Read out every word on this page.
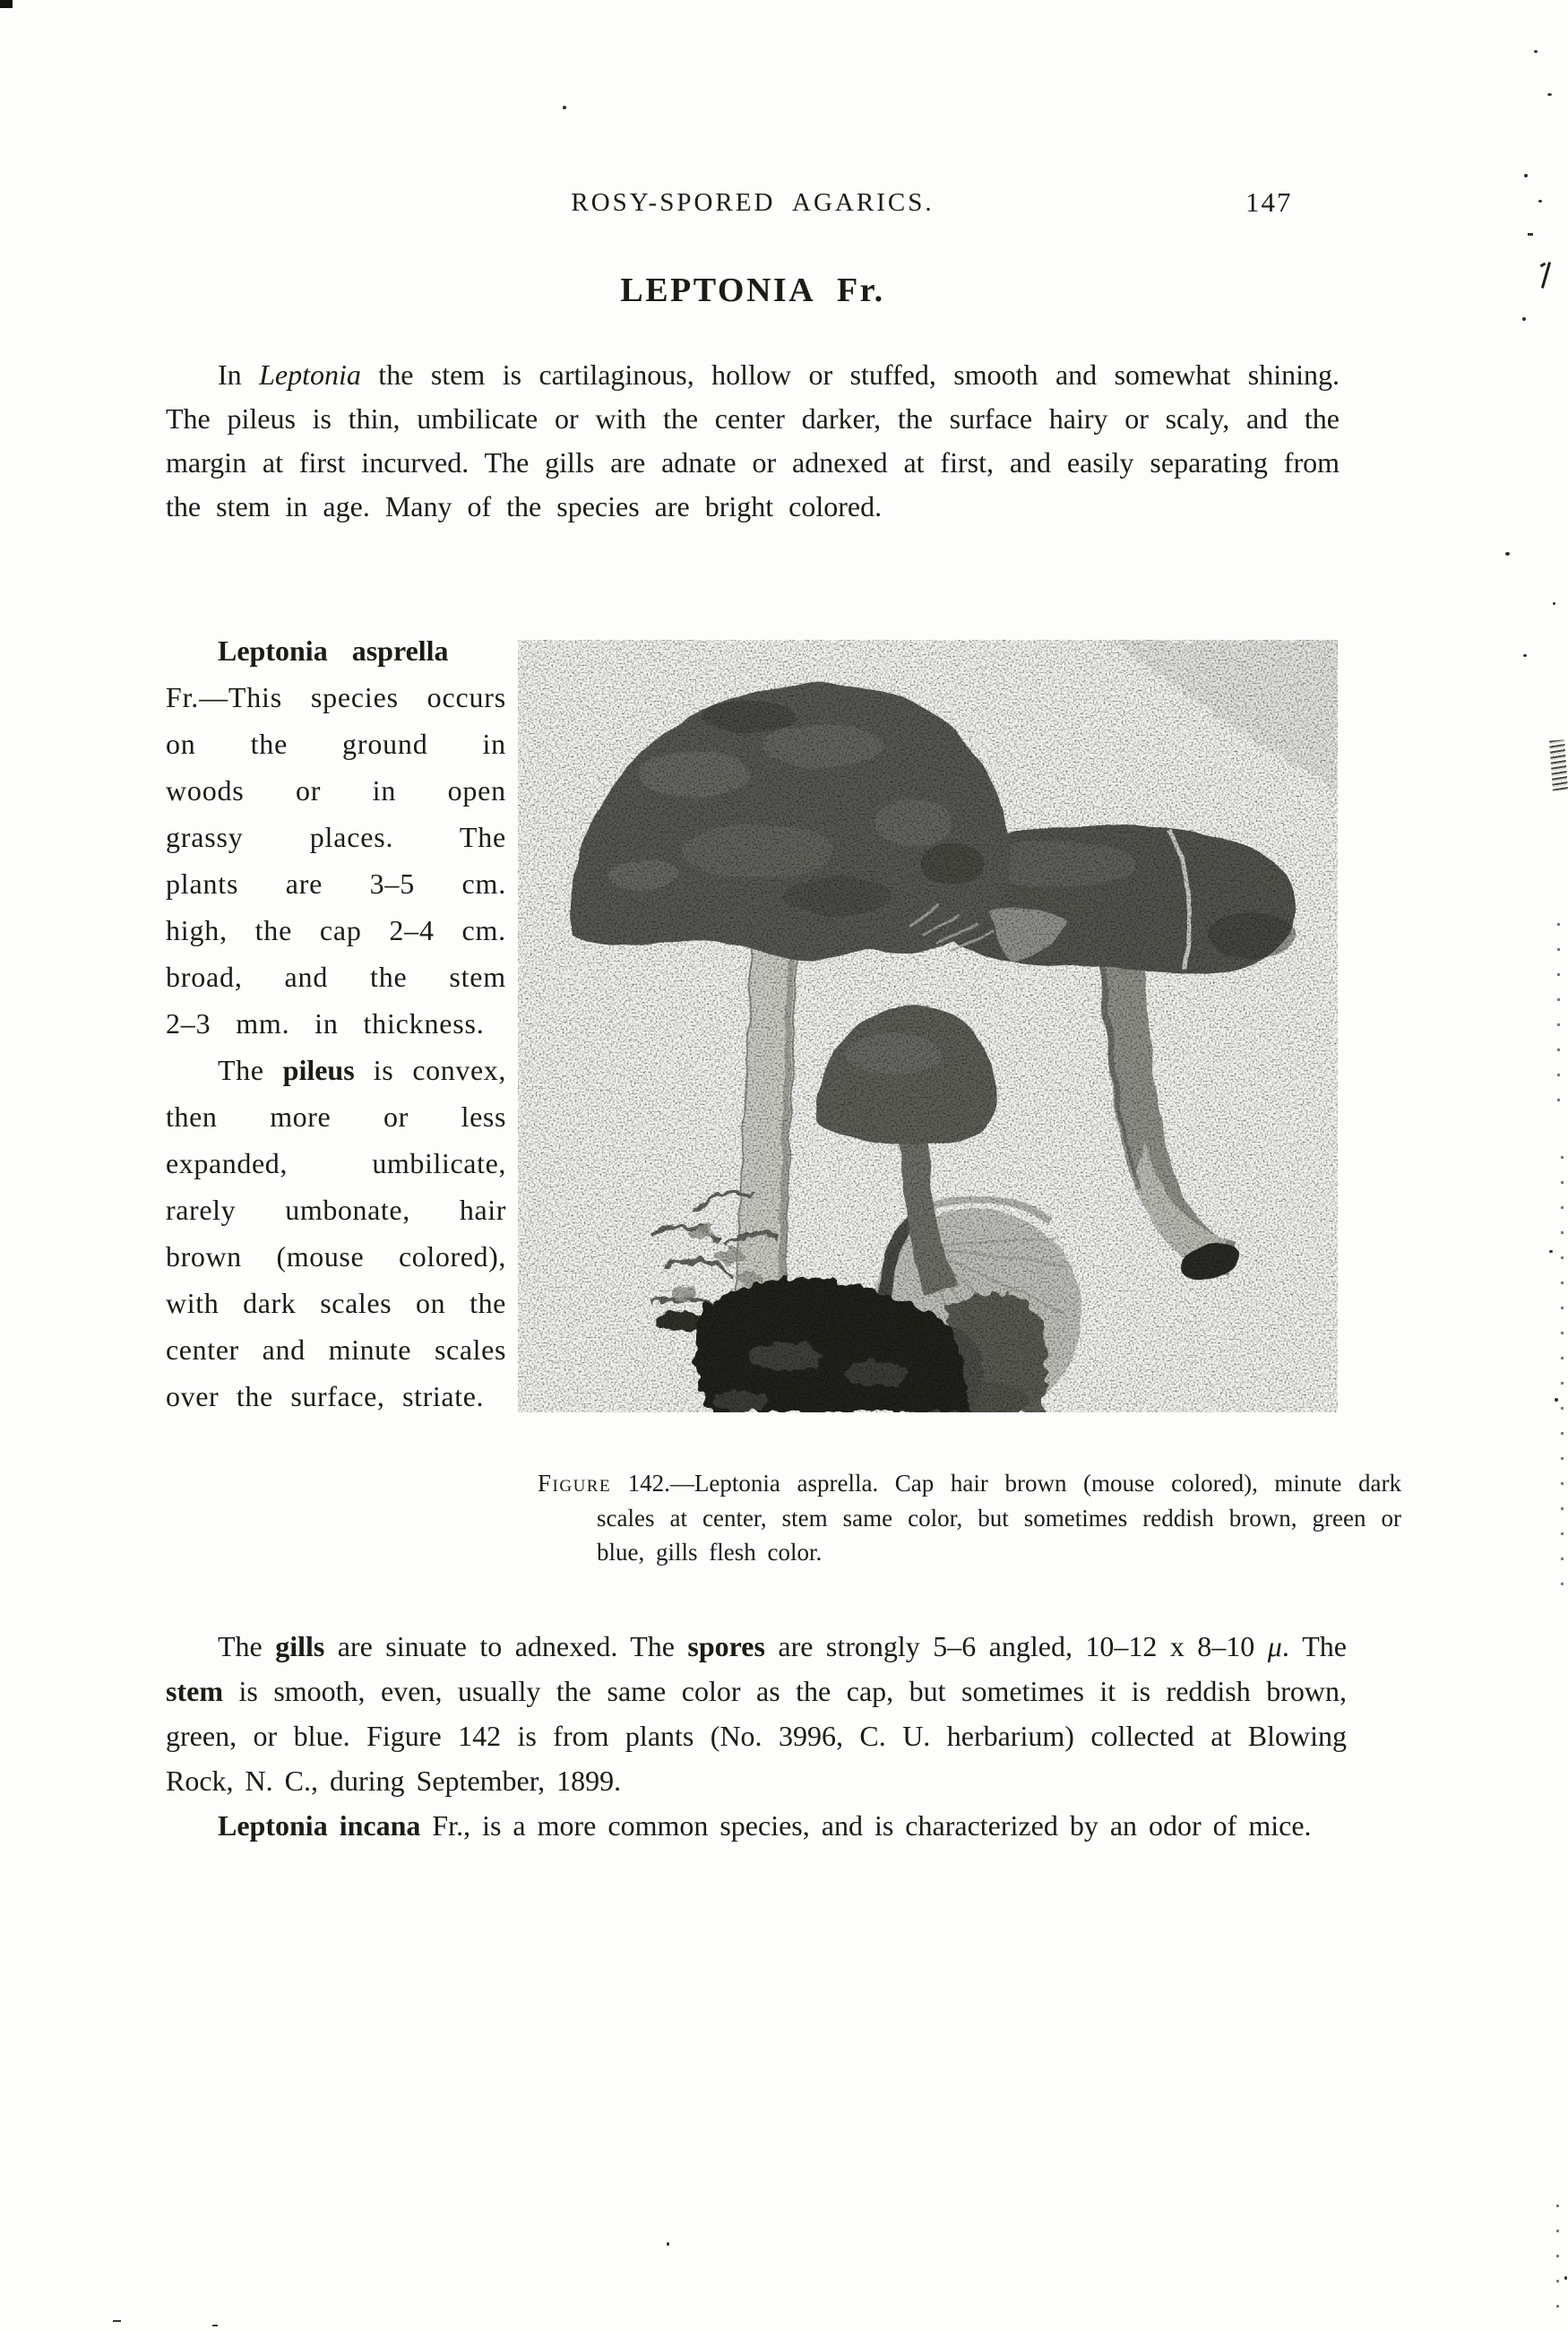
ROSY-SPORED AGARICS.	147
LEPTONIA Fr.

In Leptonia the stem is cartilaginous, hollow or stuffed, smooth and somewhat shining. The pileus is thin, umbilicate or with the center darker, the surface hairy or scaly, and the margin at first incurved. The gills are adnate or adnexed at first, and easily separating from the stem in age. Many of the species are bright colored.

Leptonia asprella
Fr.—This species occurs on the ground in woods or in open grassy places. The plants are 3–5 cm. high, the cap 2–4 cm. broad, and the stem 2–3 mm. in thickness.

The pileus is convex, then more or less expanded, umbilicate, rarely umbonate, hair brown (mouse colored), with dark scales on the center and minute scales over the surface, striate.

Figure 142.—Leptonia asprella. Cap hair brown (mouse colored), minute dark scales at center, stem same color, but sometimes reddish brown, green or blue, gills flesh color.

The gills are sinuate to adnexed. The spores are strongly 5–6 angled, 10–12 x 8–10 μ. The stem is smooth, even, usually the same color as the cap, but sometimes it is reddish brown, green, or blue. Figure 142 is from plants (No. 3996, C. U. herbarium) collected at Blowing Rock, N. C., during September, 1899.

Leptonia incana Fr., is a more common species, and is characterized by an odor of mice.
